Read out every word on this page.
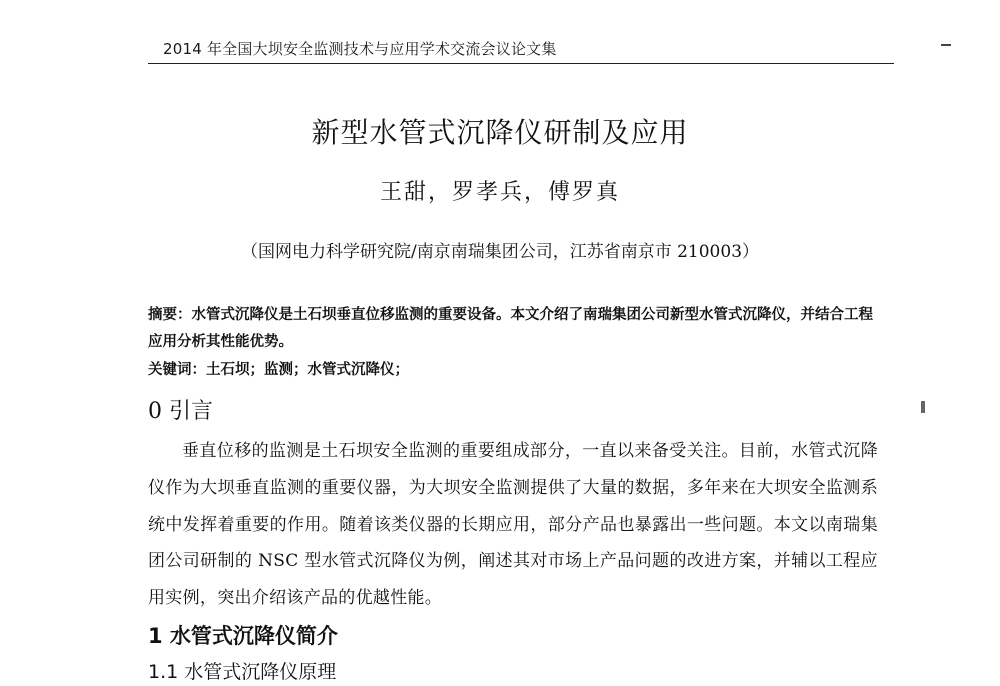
2014 年全国大坝安全监测技术与应用学术交流会议论文集
新型水管式沉降仪研制及应用
王甜，罗孝兵，傅罗真
（国网电力科学研究院/南京南瑞集团公司，江苏省南京市 210003）

摘要：水管式沉降仪是土石坝垂直位移监测的重要设备。本文介绍了南瑞集团公司新型水管式沉降仪，并结合工程应用分析其性能优势。

关键词：土石坝；监测；水管式沉降仪；
0 引言

垂直位移的监测是土石坝安全监测的重要组成部分，一直以来备受关注。目前，水管式沉降仪作为大坝垂直监测的重要仪器，为大坝安全监测提供了大量的数据，多年来在大坝安全监测系统中发挥着重要的作用。随着该类仪器的长期应用，部分产品也暴露出一些问题。本文以南瑞集团公司研制的 NSC 型水管式沉降仪为例，阐述其对市场上产品问题的改进方案，并辅以工程应用实例，突出介绍该产品的优越性能。

1 水管式沉降仪简介
1.1 水管式沉降仪原理
